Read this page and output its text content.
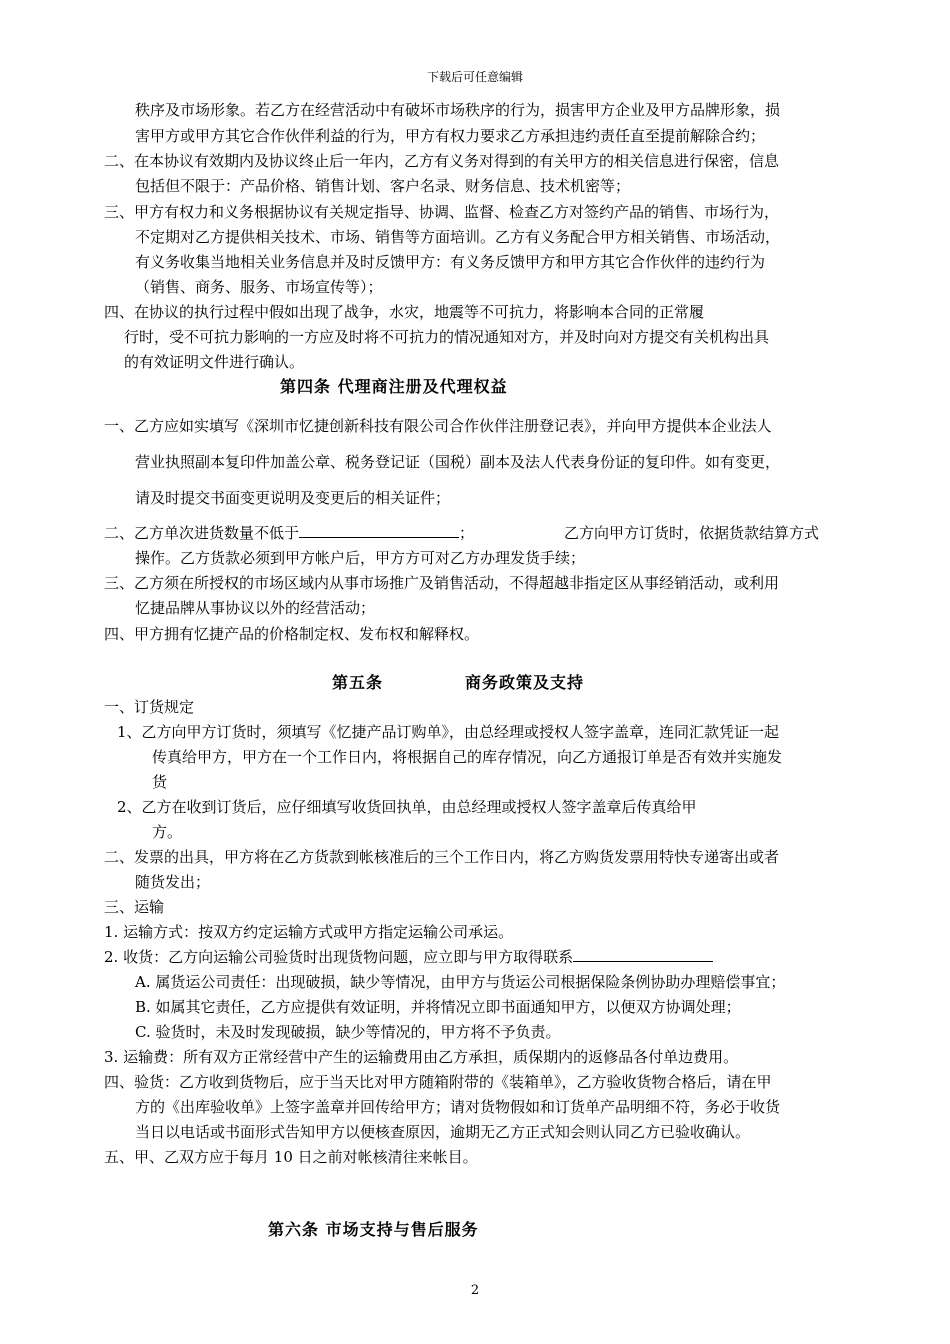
下载后可任意编辑
秩序及市场形象。若乙方在经营活动中有破坏市场秩序的行为，损害甲方企业及甲方品牌形象，损
害甲方或甲方其它合作伙伴利益的行为，甲方有权力要求乙方承担违约责任直至提前解除合约；
二、在本协议有效期内及协议终止后一年内，乙方有义务对得到的有关甲方的相关信息进行保密，信息
包括但不限于：产品价格、销售计划、客户名录、财务信息、技术机密等；
三、甲方有权力和义务根据协议有关规定指导、协调、监督、检查乙方对签约产品的销售、市场行为，
不定期对乙方提供相关技术、市场、销售等方面培训。乙方有义务配合甲方相关销售、市场活动，
有义务收集当地相关业务信息并及时反馈甲方：有义务反馈甲方和甲方其它合作伙伴的违约行为
（销售、商务、服务、市场宣传等）；
四、在协议的执行过程中假如出现了战争，水灾，地震等不可抗力，将影响本合同的正常履
行时，受不可抗力影响的一方应及时将不可抗力的情况通知对方，并及时向对方提交有关机构出具
的有效证明文件进行确认。
第四条 代理商注册及代理权益
一、乙方应如实填写《深圳市忆捷创新科技有限公司合作伙伴注册登记表》，并向甲方提供本企业法人
营业执照副本复印件加盖公章、税务登记证（国税）副本及法人代表身份证的复印件。如有变更，
请及时提交书面变更说明及变更后的相关证件；
二、乙方单次进货数量不低于	；	乙方向甲方订货时，依据货款结算方式
操作。乙方货款必须到甲方帐户后，甲方方可对乙方办理发货手续；
三、乙方须在所授权的市场区域内从事市场推广及销售活动，不得超越非指定区从事经销活动，或利用
忆捷品牌从事协议以外的经营活动；
四、甲方拥有忆捷产品的价格制定权、发布权和解释权。
第五条	商务政策及支持
一、订货规定
1、乙方向甲方订货时，须填写《忆捷产品订购单》，由总经理或授权人签字盖章，连同汇款凭证一起
传真给甲方，甲方在一个工作日内，将根据自己的库存情况，向乙方通报订单是否有效并实施发
货
2、乙方在收到订货后，应仔细填写收货回执单，由总经理或授权人签字盖章后传真给甲
方。
二、发票的出具，甲方将在乙方货款到帐核准后的三个工作日内，将乙方购货发票用特快专递寄出或者
随货发出；
三、运输
1. 运输方式：按双方约定运输方式或甲方指定运输公司承运。
2. 收货：乙方向运输公司验货时出现货物问题，应立即与甲方取得联系
A. 属货运公司责任：出现破损，缺少等情况，由甲方与货运公司根据保险条例协助办理赔偿事宜；
B. 如属其它责任，乙方应提供有效证明，并将情况立即书面通知甲方，以便双方协调处理；
C. 验货时，未及时发现破损，缺少等情况的，甲方将不予负责。
3. 运输费：所有双方正常经营中产生的运输费用由乙方承担，质保期内的返修品各付单边费用。
四、验货：乙方收到货物后，应于当天比对甲方随箱附带的《装箱单》，乙方验收货物合格后，请在甲
方的《出库验收单》上签字盖章并回传给甲方；请对货物假如和订货单产品明细不符，务必于收货
当日以电话或书面形式告知甲方以便核查原因，逾期无乙方正式知会则认同乙方已验收确认。
五、甲、乙双方应于每月 10 日之前对帐核清往来帐目。
第六条 市场支持与售后服务
2
